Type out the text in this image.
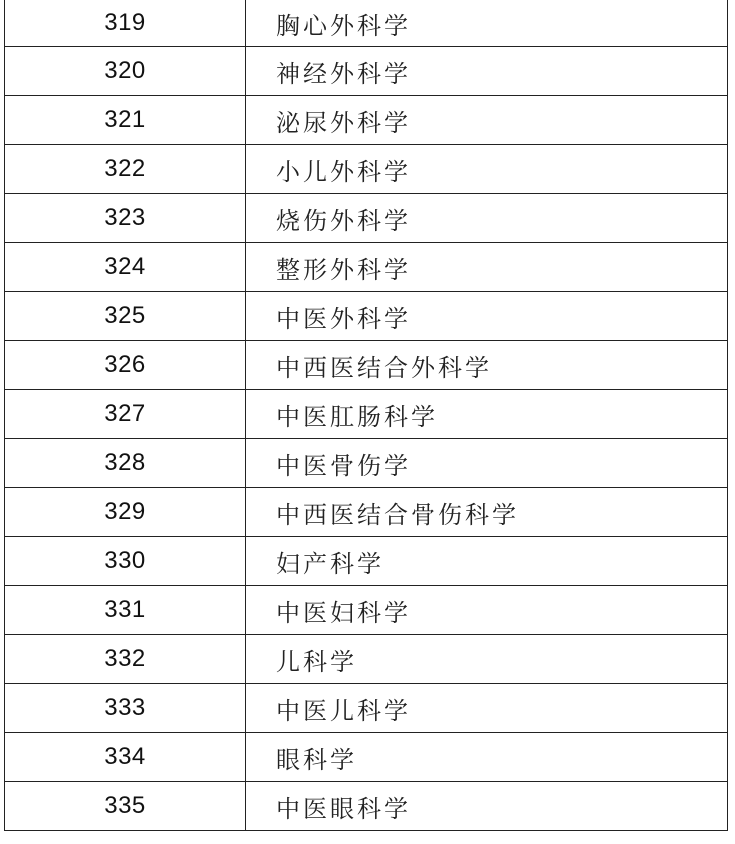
319	胸心外科学
320	神经外科学
321	泌尿外科学
322	小儿外科学
323	烧伤外科学
324	整形外科学
325	中医外科学
326	中西医结合外科学
327	中医肛肠科学
328	中医骨伤学
329	中西医结合骨伤科学
330	妇产科学
331	中医妇科学
332	儿科学
333	中医儿科学
334	眼科学
335	中医眼科学
